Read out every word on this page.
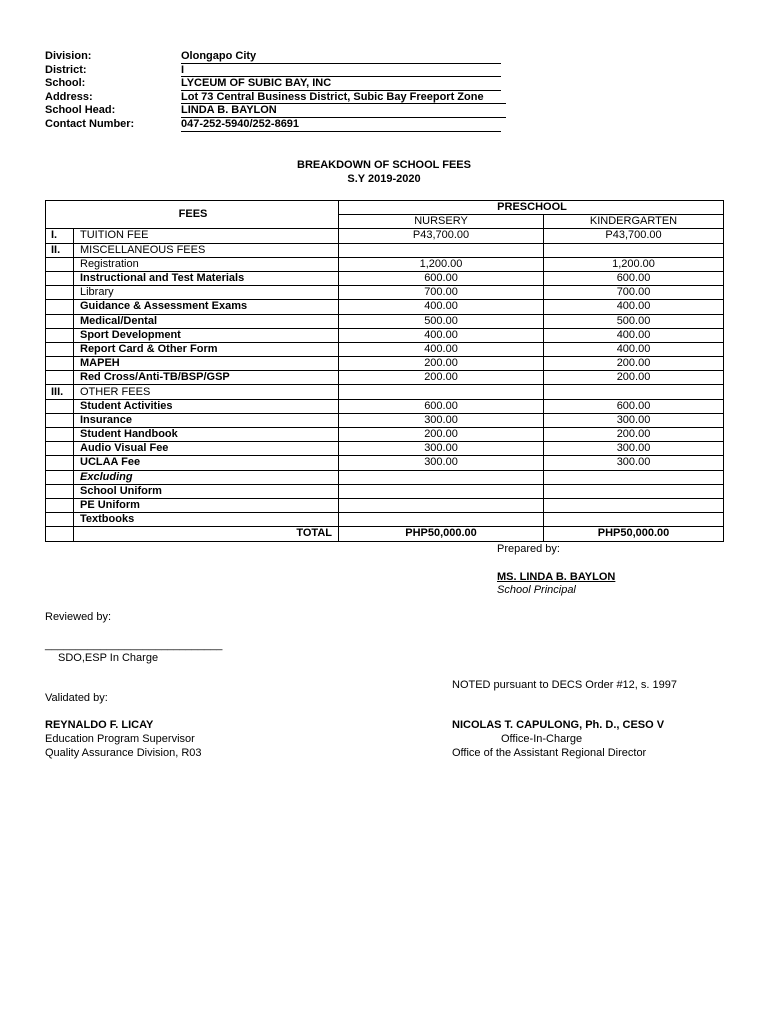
Division:	Olongapo City
District:	I
School:	LYCEUM OF SUBIC BAY, INC
Address:	Lot 73 Central Business District, Subic Bay Freeport Zone
School Head:	LINDA B. BAYLON
Contact Number:	047-252-5940/252-8691
BREAKDOWN OF SCHOOL FEES
S.Y 2019-2020
FEES		PRESCHOOL	
		NURSERY	KINDERGARTEN
I.	TUITION FEE	P43,700.00	P43,700.00
II.	MISCELLANEOUS FEES		
	Registration	1,200.00	1,200.00
	Instructional and Test Materials	600.00	600.00
	Library	700.00	700.00
	Guidance & Assessment Exams	400.00	400.00
	Medical/Dental	500.00	500.00
	Sport Development	400.00	400.00
	Report Card & Other Form	400.00	400.00
	MAPEH	200.00	200.00
	Red Cross/Anti-TB/BSP/GSP	200.00	200.00
III.	OTHER FEES		
	Student Activities	600.00	600.00
	Insurance	300.00	300.00
	Student Handbook	200.00	200.00
	Audio Visual Fee	300.00	300.00
	UCLAA Fee	300.00	300.00
	Excluding		
	School Uniform		
	PE Uniform		
	Textbooks		
	TOTAL	PHP50,000.00	PHP50,000.00
Prepared by:
MS. LINDA B. BAYLON
School Principal
Reviewed by:
_____________________________
SDO,ESP In Charge
NOTED pursuant to DECS Order #12, s. 1997
Validated by:
REYNALDO F. LICAY
Education Program Supervisor
Quality Assurance Division, R03
NICOLAS T. CAPULONG, Ph. D., CESO V
Office-In-Charge
Office of the Assistant Regional Director
